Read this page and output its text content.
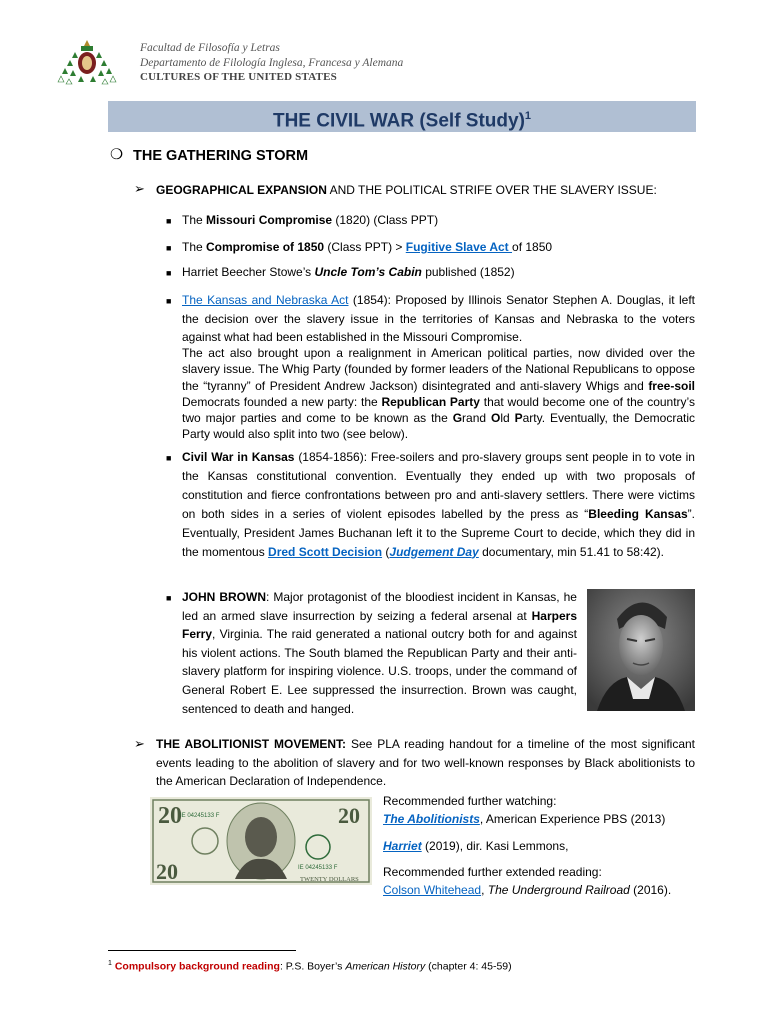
Facultad de Filosofía y Letras
Departamento de Filología Inglesa, Francesa y Alemana
CULTURES OF THE UNITED STATES
THE CIVIL WAR (Self Study)$^1$
❍ THE GATHERING STORM
➢ GEOGRAPHICAL EXPANSION AND THE POLITICAL STRIFE OVER THE SLAVERY ISSUE:
■ The Missouri Compromise (1820) (Class PPT)
■ The Compromise of 1850 (Class PPT) > Fugitive Slave Act of 1850
■ Harriet Beecher Stowe’s Uncle Tom’s Cabin published (1852)
■ The Kansas and Nebraska Act (1854): Proposed by Illinois Senator Stephen A. Douglas, it left the decision over the slavery issue in the territories of Kansas and Nebraska to the voters against what had been established in the Missouri Compromise.
The act also brought upon a realignment in American political parties, now divided over the slavery issue. The Whig Party (founded by former leaders of the National Republicans to oppose the “tyranny” of President Andrew Jackson) disintegrated and anti-slavery Whigs and free-soil Democrats founded a new party: the Republican Party that would become one of the country’s two major parties and come to be known as the Grand Old Party. Eventually, the Democratic Party would also split into two (see below).
■ Civil War in Kansas (1854-1856): Free-soilers and pro-slavery groups sent people in to vote in the Kansas constitutional convention. Eventually they ended up with two proposals of constitution and fierce confrontations between pro and anti-slavery settlers. There were victims on both sides in a series of violent episodes labelled by the press as “Bleeding Kansas”. Eventually, President James Buchanan left it to the Supreme Court to decide, which they did in the momentous Dred Scott Decision (Judgement Day documentary, min 51.41 to 58:42).
■ JOHN BROWN: Major protagonist of the bloodiest incident in Kansas, he led an armed slave insurrection by seizing a federal arsenal at Harpers Ferry, Virginia. The raid generated a national outcry both for and against his violent actions. The South blamed the Republican Party and their anti-slavery platform for inspiring violence. U.S. troops, under the command of General Robert E. Lee suppressed the insurrection. Brown was caught, sentenced to death and hanged.
➢ THE ABOLITIONIST MOVEMENT: See PLA reading handout for a timeline of the most significant events leading to the abolition of slavery and for two well-known responses by Black abolitionists to the American Declaration of Independence.
20	20
20
IE 04245133 F
IE 04245133 F
TWENTY DOLLARS
Recommended further watching:
The Abolitionists, American Experience PBS (2013)
Harriet (2019), dir. Kasi Lemmons,
Recommended further extended reading:
Colson Whitehead, The Underground Railroad (2016).
$^1$ Compulsory background reading: P.S. Boyer’s American History (chapter 4: 45-59)
